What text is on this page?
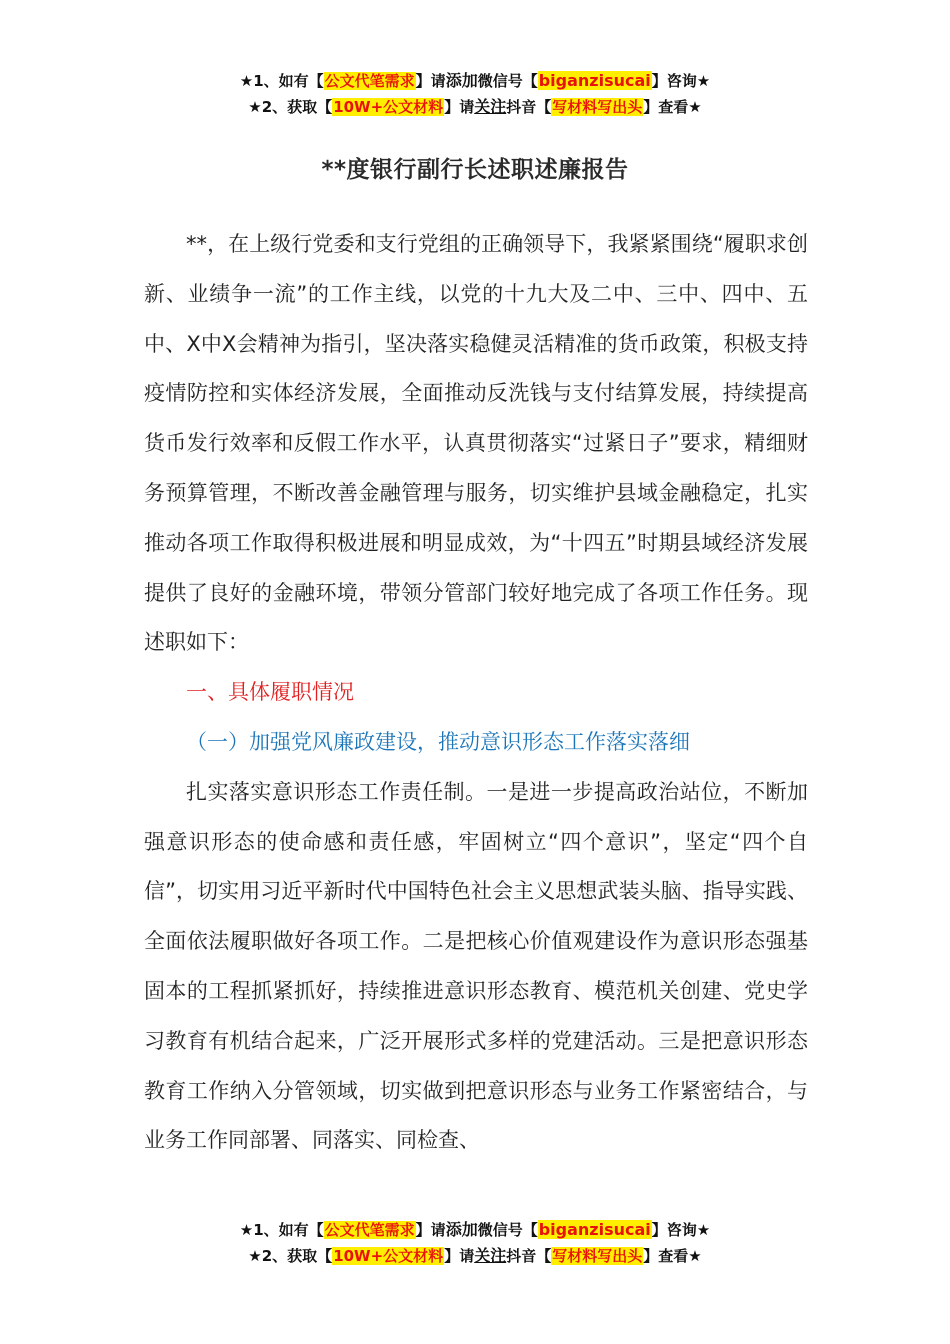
★1、如有【公文代笔需求】请添加微信号【biganzisucai】咨询★
★2、获取【10W+公文材料】请关注抖音【写材料写出头】查看★
**度银行副行长述职述廉报告

**，在上级行党委和支行党组的正确领导下，我紧紧围绕“履职求创新、业绩争一流”的工作主线，以党的十九大及二中、三中、四中、五中、X中X会精神为指引，坚决落实稳健灵活精准的货币政策，积极支持疫情防控和实体经济发展，全面推动反洗钱与支付结算发展，持续提高货币发行效率和反假工作水平，认真贯彻落实“过紧日子”要求，精细财务预算管理，不断改善金融管理与服务，切实维护县域金融稳定，扎实推动各项工作取得积极进展和明显成效，为“十四五”时期县域经济发展提供了良好的金融环境，带领分管部门较好地完成了各项工作任务。现述职如下：

一、具体履职情况

（一）加强党风廉政建设，推动意识形态工作落实落细

扎实落实意识形态工作责任制。一是进一步提高政治站位，不断加强意识形态的使命感和责任感，牢固树立“四个意识”，坚定“四个自信”，切实用习近平新时代中国特色社会主义思想武装头脑、指导实践、全面依法履职做好各项工作。二是把核心价值观建设作为意识形态强基固本的工程抓紧抓好，持续推进意识形态教育、模范机关创建、党史学习教育有机结合起来，广泛开展形式多样的党建活动。三是把意识形态教育工作纳入分管领域，切实做到把意识形态与业务工作紧密结合，与业务工作同部署、同落实、同检查、

★1、如有【公文代笔需求】请添加微信号【biganzisucai】咨询★
★2、获取【10W+公文材料】请关注抖音【写材料写出头】查看★
